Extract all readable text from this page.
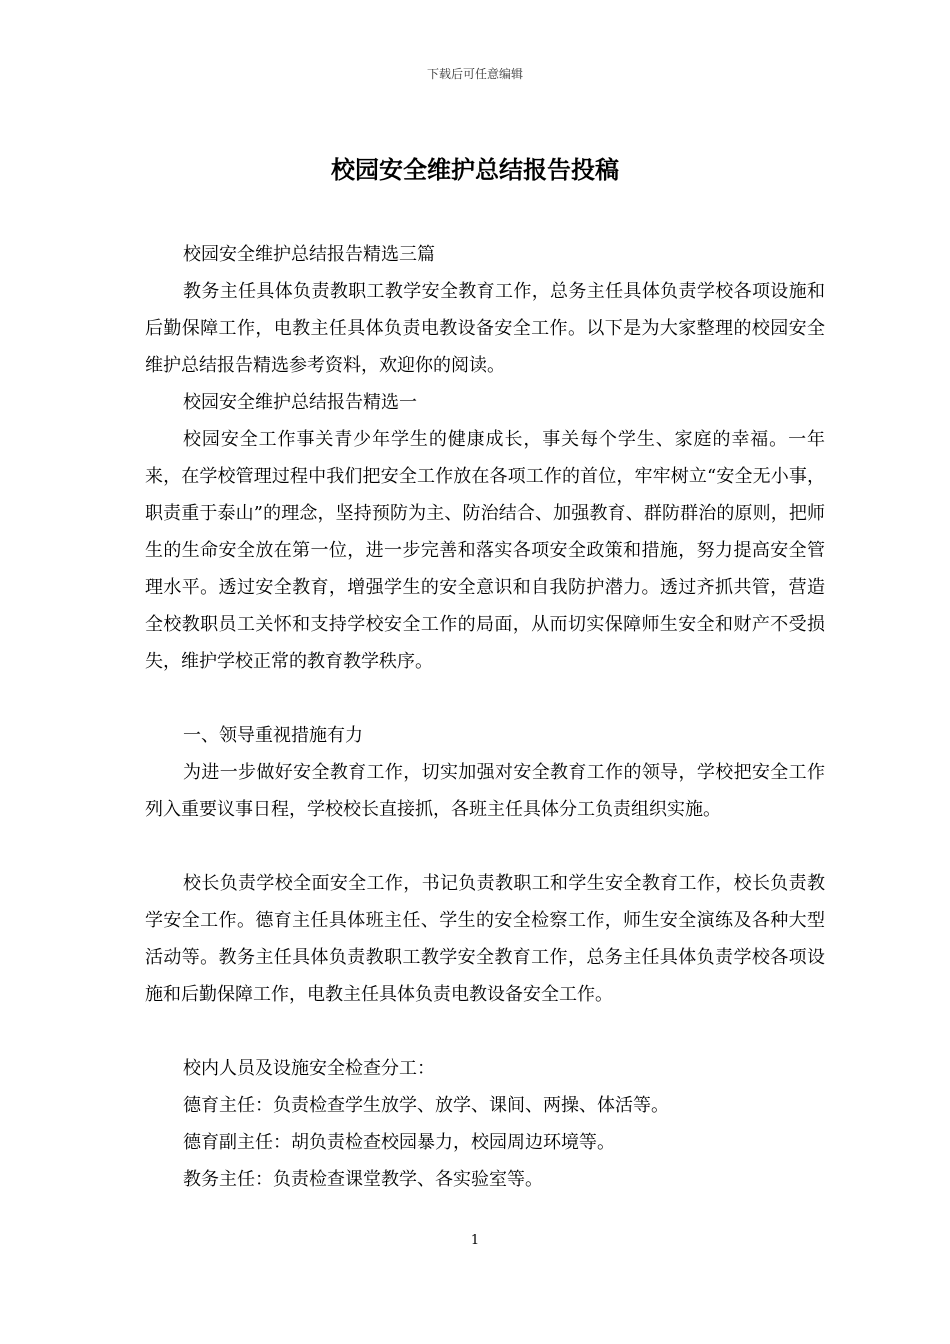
下载后可任意编辑
校园安全维护总结报告投稿

校园安全维护总结报告精选三篇

教务主任具体负责教职工教学安全教育工作，总务主任具体负责学校各项设施和后勤保障工作，电教主任具体负责电教设备安全工作。以下是为大家整理的校园安全维护总结报告精选参考资料，欢迎你的阅读。

校园安全维护总结报告精选一

校园安全工作事关青少年学生的健康成长，事关每个学生、家庭的幸福。一年来，在学校管理过程中我们把安全工作放在各项工作的首位，牢牢树立“安全无小事，职责重于泰山”的理念，坚持预防为主、防治结合、加强教育、群防群治的原则，把师生的生命安全放在第一位，进一步完善和落实各项安全政策和措施，努力提高安全管理水平。透过安全教育，增强学生的安全意识和自我防护潜力。透过齐抓共管，营造全校教职员工关怀和支持学校安全工作的局面，从而切实保障师生安全和财产不受损失，维护学校正常的教育教学秩序。

一、领导重视措施有力

为进一步做好安全教育工作，切实加强对安全教育工作的领导，学校把安全工作列入重要议事日程，学校校长直接抓，各班主任具体分工负责组织实施。

校长负责学校全面安全工作，书记负责教职工和学生安全教育工作，校长负责教学安全工作。德育主任具体班主任、学生的安全检察工作，师生安全演练及各种大型活动等。教务主任具体负责教职工教学安全教育工作，总务主任具体负责学校各项设施和后勤保障工作，电教主任具体负责电教设备安全工作。

校内人员及设施安全检查分工：

德育主任：负责检查学生放学、放学、课间、两操、体活等。

德育副主任：胡负责检查校园暴力，校园周边环境等。

教务主任：负责检查课堂教学、各实验室等。

1
